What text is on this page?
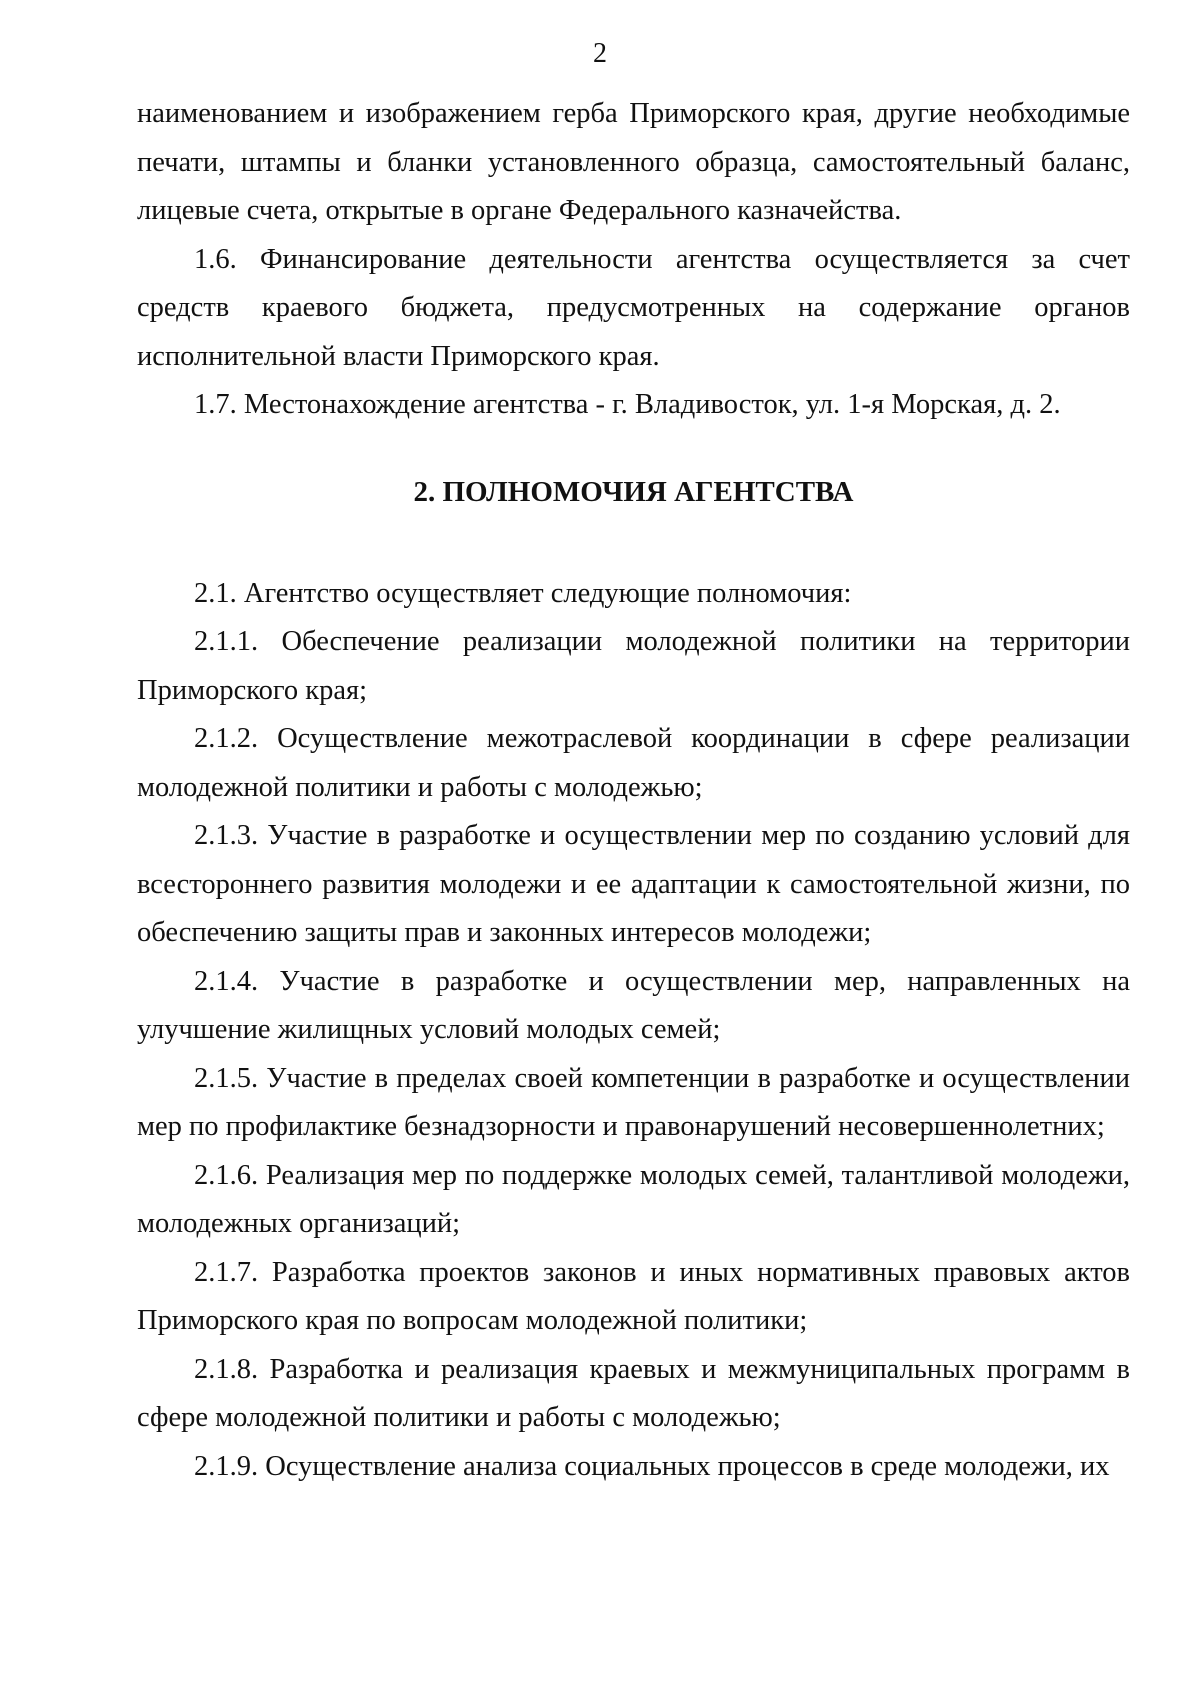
2

наименованием и изображением герба Приморского края, другие необходимые печати, штампы и бланки установленного образца, самостоятельный баланс, лицевые счета, открытые в органе Федерального казначейства.

1.6. Финансирование деятельности агентства осуществляется за счет средств краевого бюджета, предусмотренных на содержание органов исполнительной власти Приморского края.

1.7. Местонахождение агентства - г. Владивосток, ул. 1-я Морская, д. 2.

2. ПОЛНОМОЧИЯ АГЕНТСТВА

2.1. Агентство осуществляет следующие полномочия:

2.1.1. Обеспечение реализации молодежной политики на территории Приморского края;

2.1.2. Осуществление межотраслевой координации в сфере реализации молодежной политики и работы с молодежью;

2.1.3. Участие в разработке и осуществлении мер по созданию условий для всестороннего развития молодежи и ее адаптации к самостоятельной жизни, по обеспечению защиты прав и законных интересов молодежи;

2.1.4. Участие в разработке и осуществлении мер, направленных на улучшение жилищных условий молодых семей;

2.1.5. Участие в пределах своей компетенции в разработке и осуществлении мер по профилактике безнадзорности и правонарушений несовершеннолетних;

2.1.6. Реализация мер по поддержке молодых семей, талантливой молодежи, молодежных организаций;

2.1.7. Разработка проектов законов и иных нормативных правовых актов Приморского края по вопросам молодежной политики;

2.1.8. Разработка и реализация краевых и межмуниципальных программ в сфере молодежной политики и работы с молодежью;

2.1.9. Осуществление анализа социальных процессов в среде молодежи, их
